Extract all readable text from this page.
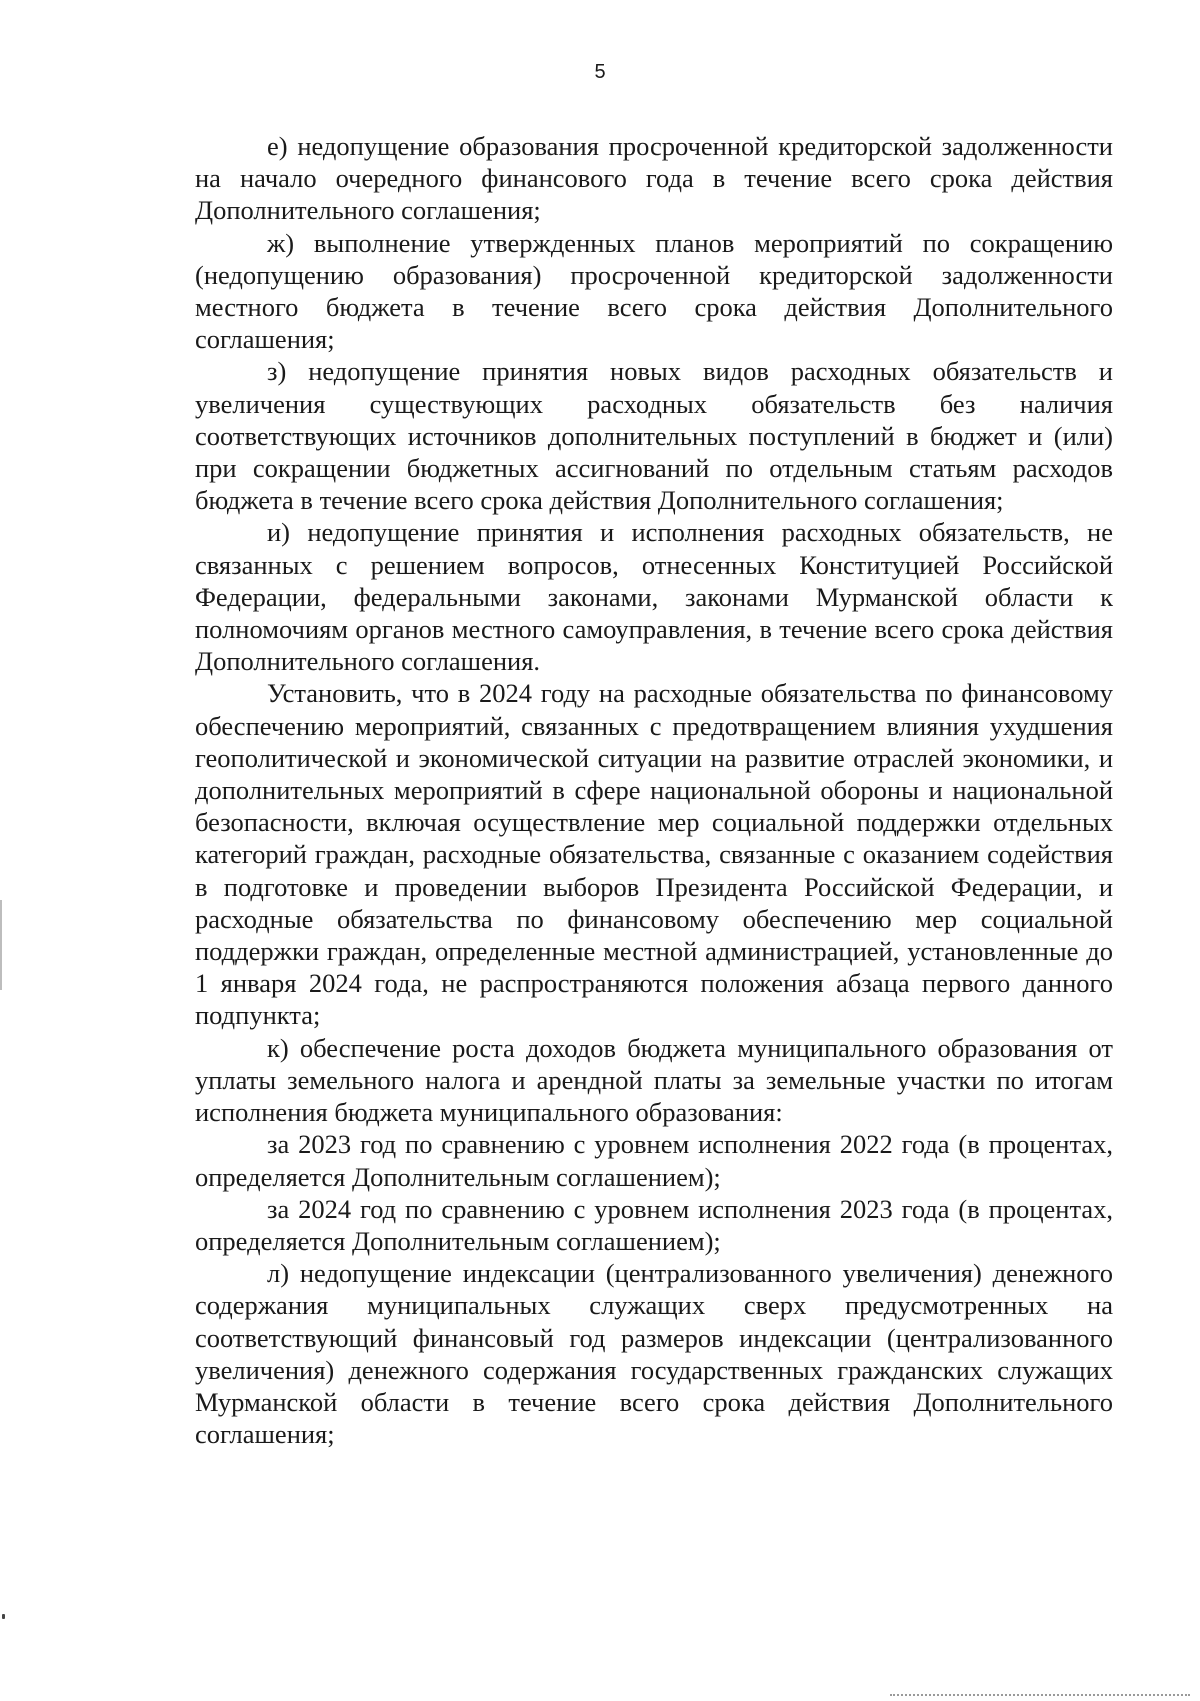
5

е) недопущение образования просроченной кредиторской задолженности на начало очередного финансового года в течение всего срока действия Дополнительного соглашения;

ж) выполнение утвержденных планов мероприятий по сокращению (недопущению образования) просроченной кредиторской задолженности местного бюджета в течение всего срока действия Дополнительного соглашения;

з) недопущение принятия новых видов расходных обязательств и увеличения существующих расходных обязательств без наличия соответствующих источников дополнительных поступлений в бюджет и (или) при сокращении бюджетных ассигнований по отдельным статьям расходов бюджета в течение всего срока действия Дополнительного соглашения;

и) недопущение принятия и исполнения расходных обязательств, не связанных с решением вопросов, отнесенных Конституцией Российской Федерации, федеральными законами, законами Мурманской области к полномочиям органов местного самоуправления, в течение всего срока действия Дополнительного соглашения.

Установить, что в 2024 году на расходные обязательства по финансовому обеспечению мероприятий, связанных с предотвращением влияния ухудшения геополитической и экономической ситуации на развитие отраслей экономики, и дополнительных мероприятий в сфере национальной обороны и национальной безопасности, включая осуществление мер социальной поддержки отдельных категорий граждан, расходные обязательства, связанные с оказанием содействия в подготовке и проведении выборов Президента Российской Федерации, и расходные обязательства по финансовому обеспечению мер социальной поддержки граждан, определенные местной администрацией, установленные до 1 января 2024 года, не распространяются положения абзаца первого данного подпункта;

к) обеспечение роста доходов бюджета муниципального образования от уплаты земельного налога и арендной платы за земельные участки по итогам исполнения бюджета муниципального образования:

за 2023 год по сравнению с уровнем исполнения 2022 года (в процентах, определяется Дополнительным соглашением);

за 2024 год по сравнению с уровнем исполнения 2023 года (в процентах, определяется Дополнительным соглашением);

л) недопущение индексации (централизованного увеличения) денежного содержания муниципальных служащих сверх предусмотренных на соответствующий финансовый год размеров индексации (централизованного увеличения) денежного содержания государственных гражданских служащих Мурманской области в течение всего срока действия Дополнительного соглашения;
